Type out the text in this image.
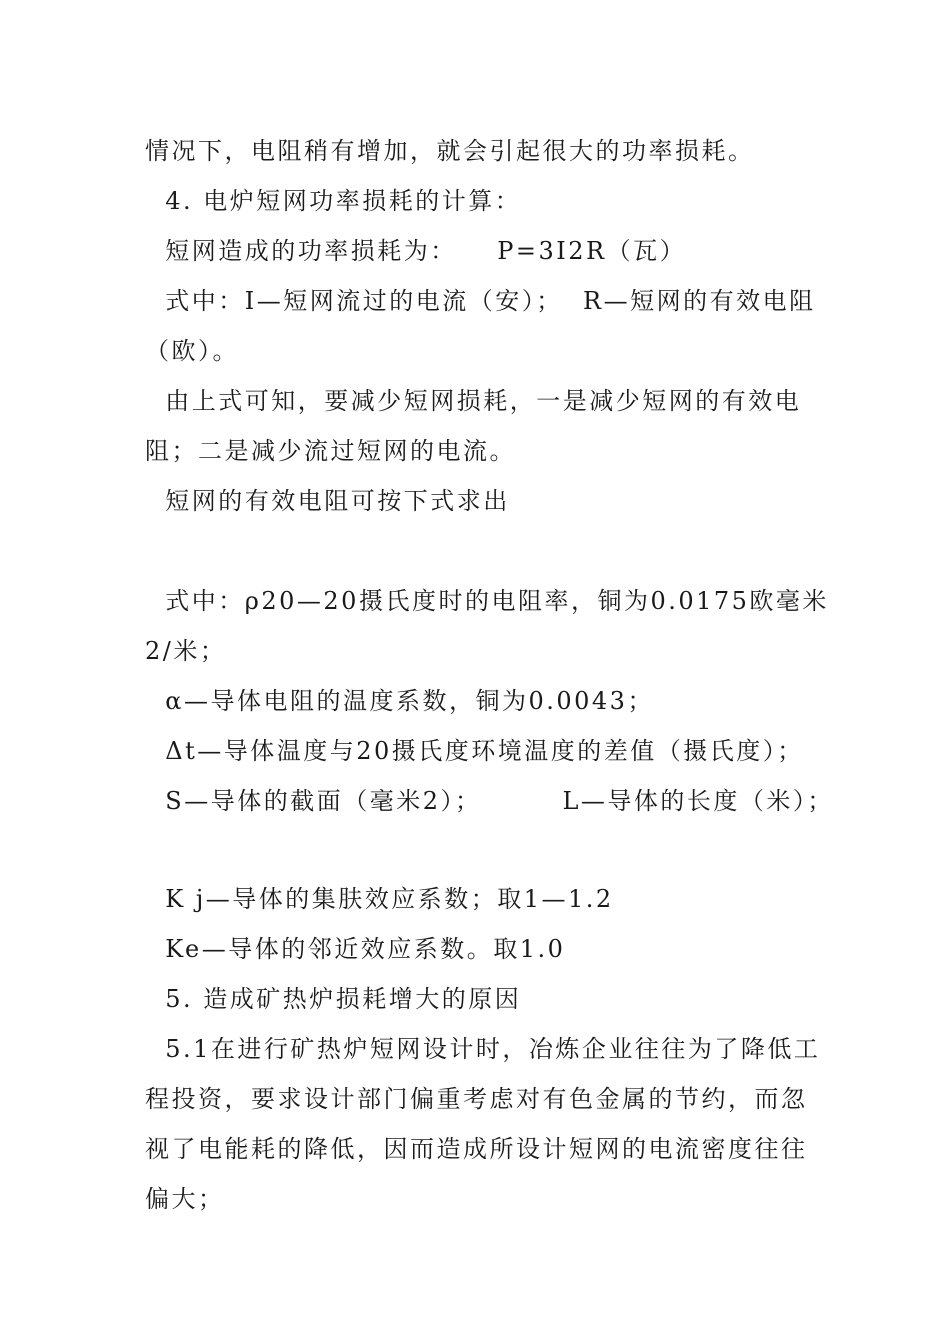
情况下，电阻稍有增加，就会引起很大的功率损耗。
4. 电炉短网功率损耗的计算：
短网造成的功率损耗为：    P=3I2R（瓦）
式中：I—短网流过的电流（安）；  R—短网的有效电阻
（欧）。
由上式可知，要减少短网损耗，一是减少短网的有效电
阻；二是减少流过短网的电流。
短网的有效电阻可按下式求出
式中：ρ20—20摄氏度时的电阻率，铜为0.0175欧毫米
2/米；
α—导体电阻的温度系数，铜为0.0043；
Δt—导体温度与20摄氏度环境温度的差值（摄氏度）；
S—导体的截面（毫米2）；        L—导体的长度（米）；
K j—导体的集肤效应系数；取1—1.2
Ke—导体的邻近效应系数。取1.0
5. 造成矿热炉损耗增大的原因
5.1在进行矿热炉短网设计时，冶炼企业往往为了降低工
程投资，要求设计部门偏重考虑对有色金属的节约，而忽
视了电能耗的降低，因而造成所设计短网的电流密度往往
偏大；
